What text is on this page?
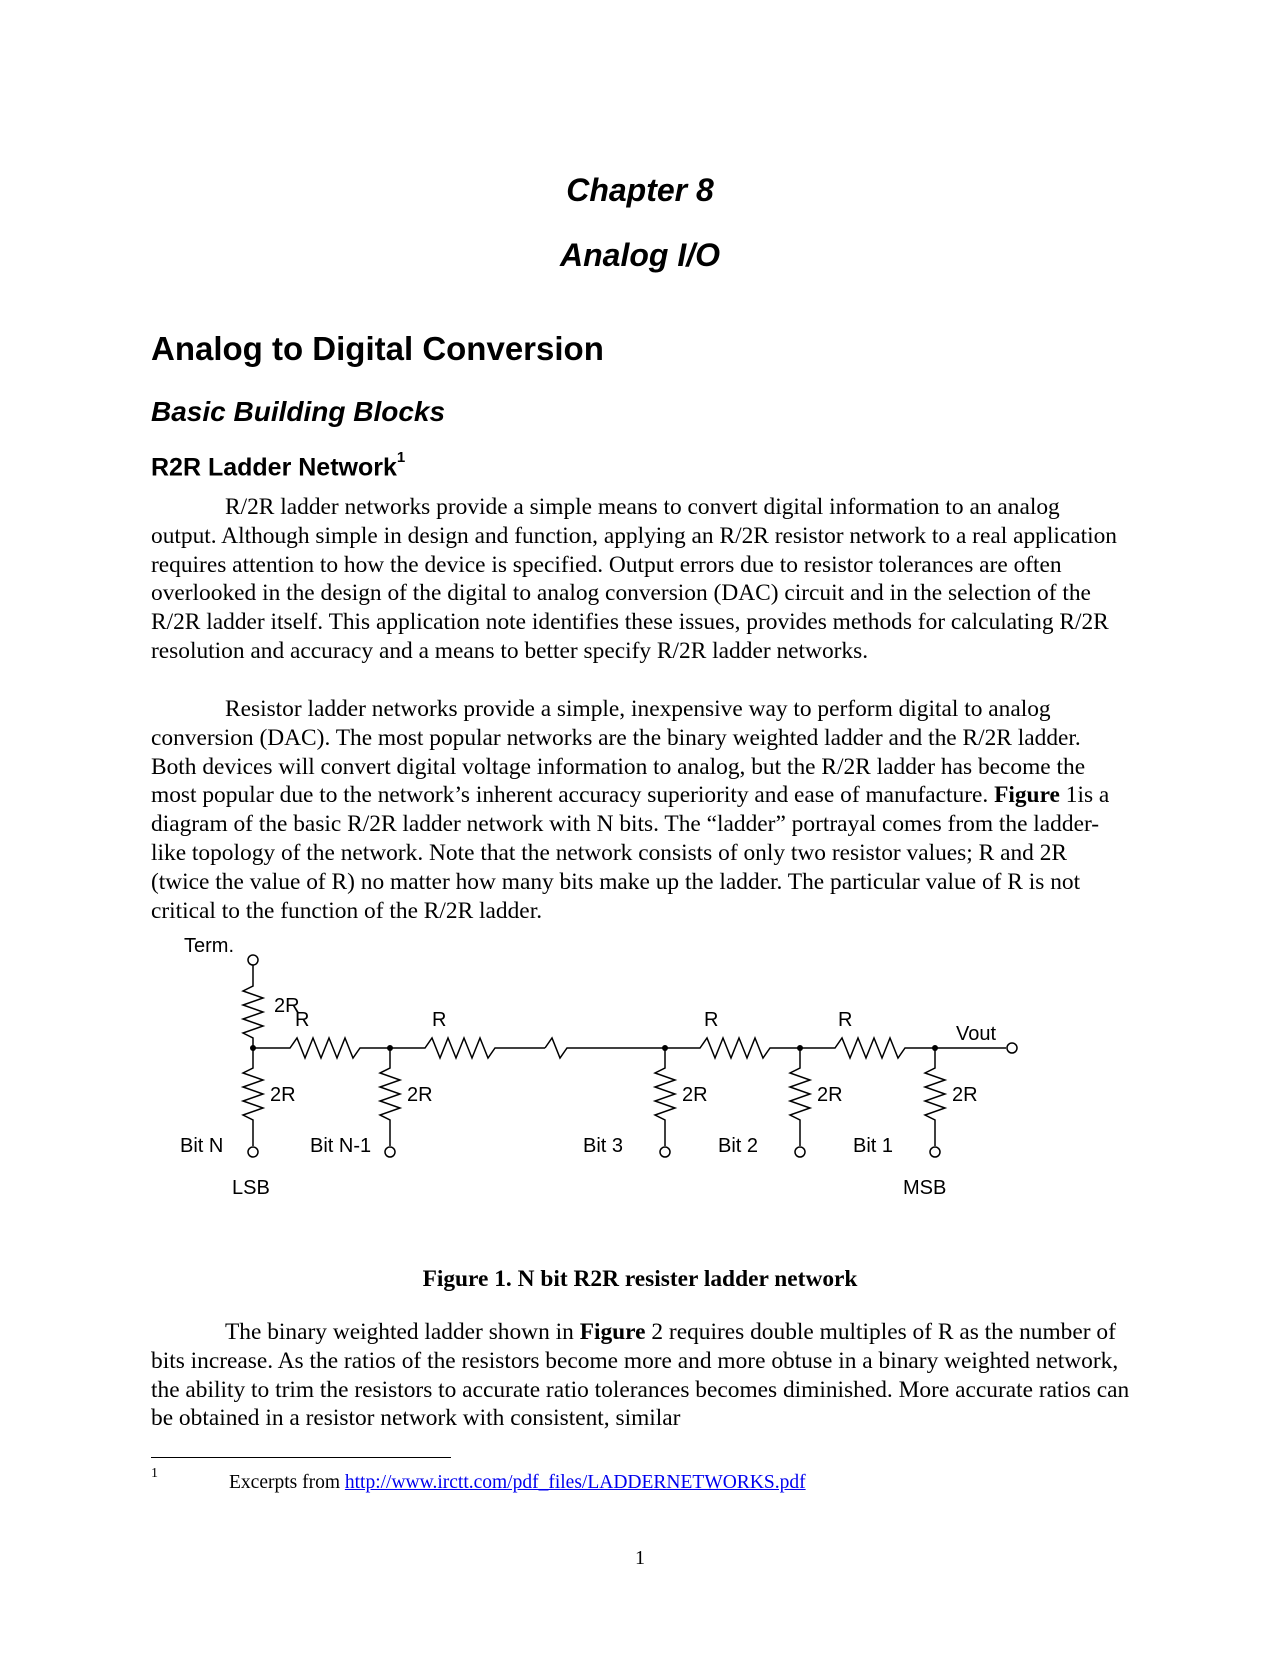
Chapter 8
Analog I/O
Analog to Digital Conversion
Basic Building Blocks
R2R Ladder Network$^1$

R/2R ladder networks provide a simple means to convert digital information to an analog output. Although simple in design and function, applying an R/2R resistor network to a real application requires attention to how the device is specified. Output errors due to resistor tolerances are often overlooked in the design of the digital to analog conversion (DAC) circuit and in the selection of the R/2R ladder itself. This application note identifies these issues, provides methods for calculating R/2R resolution and accuracy and a means to better specify R/2R ladder networks.

Resistor ladder networks provide a simple, inexpensive way to perform digital to analog conversion (DAC). The most popular networks are the binary weighted ladder and the R/2R ladder. Both devices will convert digital voltage information to analog, but the R/2R ladder has become the most popular due to the network’s inherent accuracy superiority and ease of manufacture. Figure 1is a diagram of the basic R/2R ladder network with N bits. The “ladder” portrayal comes from the ladder-like topology of the network. Note that the network consists of only two resistor values; R and 2R (twice the value of R) no matter how many bits make up the ladder. The particular value of R is not critical to the function of the R/2R ladder.

Term.
2R
Vout
R	R	R	R
2R	2R	2R	2R	2R
Bit N	Bit N-1	Bit 3	Bit 2	Bit 1
LSB	MSB
Figure 1. N bit R2R resister ladder network

The binary weighted ladder shown in Figure 2 requires double multiples of R as the number of bits increase. As the ratios of the resistors become more and more obtuse in a binary weighted network, the ability to trim the resistors to accurate ratio tolerances becomes diminished. More accurate ratios can be obtained in a resistor network with consistent, similar

1	Excerpts from http://www.irctt.com/pdf_files/LADDERNETWORKS.pdf
1
